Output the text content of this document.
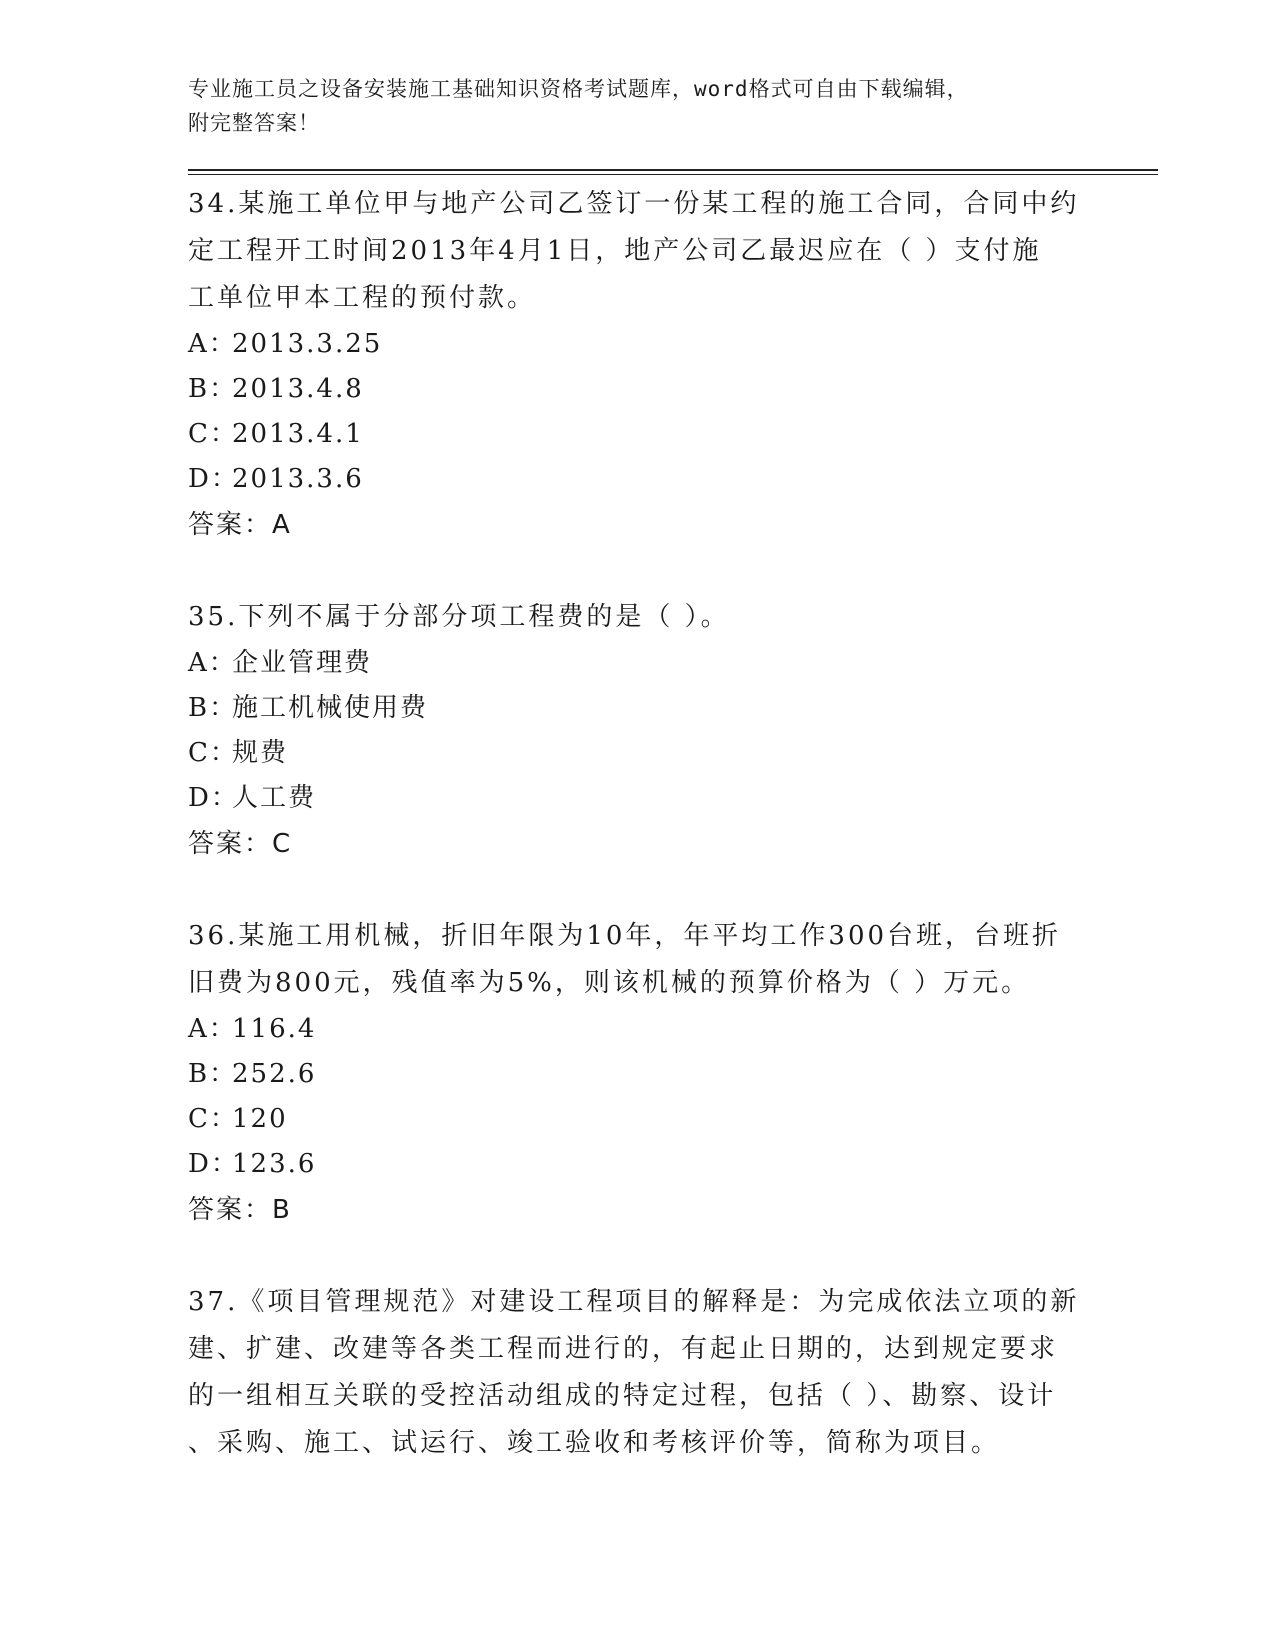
专业施工员之设备安装施工基础知识资格考试题库，word格式可自由下载编辑，
附完整答案！
34.某施工单位甲与地产公司乙签订一份某工程的施工合同，合同中约
定工程开工时间2013年4月1日，地产公司乙最迟应在（ ）支付施
工单位甲本工程的预付款。
A：2013.3.25
B：2013.4.8
C：2013.4.1
D：2013.3.6
答案：A
35.下列不属于分部分项工程费的是（ ）。
A：企业管理费
B：施工机械使用费
C：规费
D：人工费
答案：C
36.某施工用机械，折旧年限为10年，年平均工作300台班，台班折
旧费为800元，残值率为5%，则该机械的预算价格为（ ）万元。
A：116.4
B：252.6
C：120
D：123.6
答案：B
37.《项目管理规范》对建设工程项目的解释是：为完成依法立项的新
建、扩建、改建等各类工程而进行的，有起止日期的，达到规定要求
的一组相互关联的受控活动组成的特定过程，包括（ ）、勘察、设计
、采购、施工、试运行、竣工验收和考核评价等，简称为项目。
